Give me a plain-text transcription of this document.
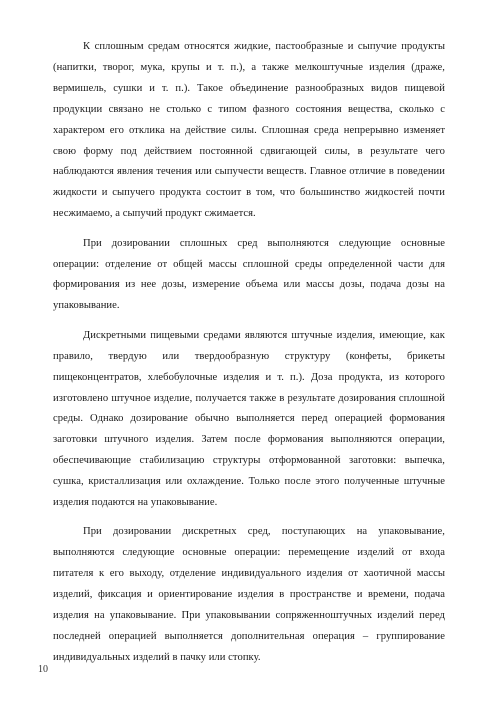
К сплошным средам относятся жидкие, пастообразные и сыпучие продукты (напитки, творог, мука, крупы и т. п.), а также мелкоштучные изделия (драже, вермишель, сушки и т. п.). Такое объединение разнообразных видов пищевой продукции связано не столько с типом фазного состояния вещества, сколько с характером его отклика на действие силы. Сплошная среда непрерывно изменяет свою форму под действием постоянной сдвигающей силы, в результате чего наблюдаются явления течения или сыпучести веществ. Главное отличие в поведении жидкости и сыпучего продукта состоит в том, что большинство жидкостей почти несжимаемо, а сыпучий продукт сжимается.

При дозировании сплошных сред выполняются следующие основные операции: отделение от общей массы сплошной среды определенной части для формирования из нее дозы, измерение объема или массы дозы, подача дозы на упаковывание.

Дискретными пищевыми средами являются штучные изделия, имеющие, как правило, твердую или твердообразную структуру (конфеты, брикеты пищеконцентратов, хлебобулочные изделия и т. п.). Доза продукта, из которого изготовлено штучное изделие, получается также в результате дозирования сплошной среды. Однако дозирование обычно выполняется перед операцией формования заготовки штучного изделия. Затем после формования выполняются операции, обеспечивающие стабилизацию структуры отформованной заготовки: выпечка, сушка, кристаллизация или охлаждение. Только после этого полученные штучные изделия подаются на упаковывание.

При дозировании дискретных сред, поступающих на упаковывание, выполняются следующие основные операции: перемещение изделий от входа питателя к его выходу, отделение индивидуального изделия от хаотичной массы изделий, фиксация и ориентирование изделия в пространстве и времени, подача изделия на упаковывание. При упаковывании сопряженноштучных изделий перед последней операцией выполняется дополнительная операция – группирование индивидуальных изделий в пачку или стопку.

10
